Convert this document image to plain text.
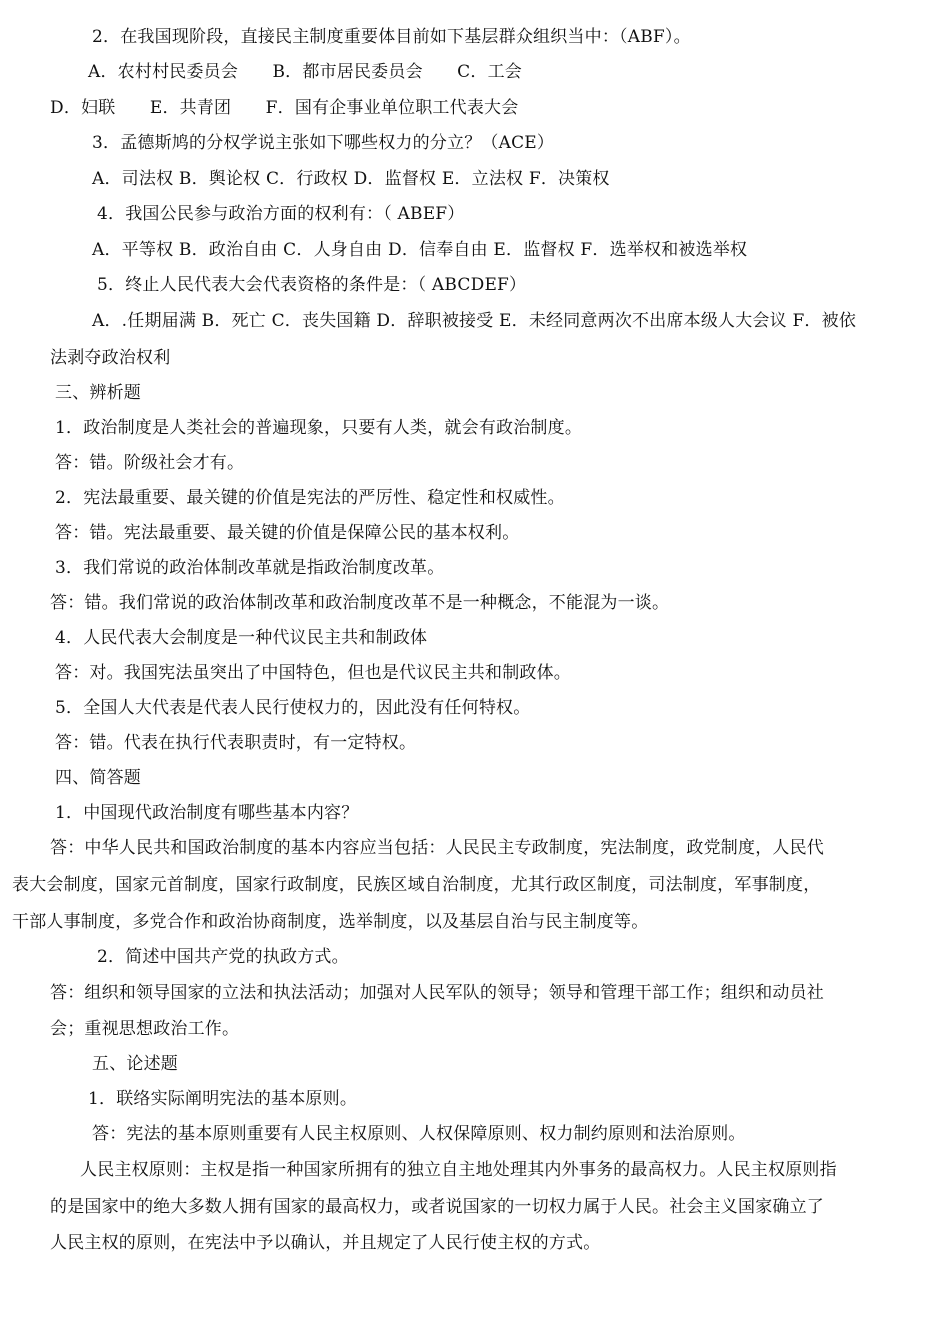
2．在我国现阶段，直接民主制度重要体目前如下基层群众组织当中：（ABF）。
A．农村村民委员会　　B．都市居民委员会　　C．工会
D．妇联　　E．共青团　　F．国有企事业单位职工代表大会
3．孟德斯鸠的分权学说主张如下哪些权力的分立？（ACE）
A．司法权 B．舆论权 C．行政权 D．监督权 E．立法权 F．决策权
4．我国公民参与政治方面的权利有：（ ABEF）
A．平等权 B．政治自由 C．人身自由 D．信奉自由 E．监督权 F．选举权和被选举权
5．终止人民代表大会代表资格的条件是：（ ABCDEF）
A．.任期届满 B．死亡 C．丧失国籍 D．辞职被接受 E．未经同意两次不出席本级人大会议 F．被依
法剥夺政治权利
三、辨析题
1．政治制度是人类社会的普遍现象，只要有人类，就会有政治制度。
答：错。阶级社会才有。
2．宪法最重要、最关键的价值是宪法的严厉性、稳定性和权威性。
答：错。宪法最重要、最关键的价值是保障公民的基本权利。
3．我们常说的政治体制改革就是指政治制度改革。
答：错。我们常说的政治体制改革和政治制度改革不是一种概念，不能混为一谈。
4．人民代表大会制度是一种代议民主共和制政体
答：对。我国宪法虽突出了中国特色，但也是代议民主共和制政体。
5．全国人大代表是代表人民行使权力的，因此没有任何特权。
答：错。代表在执行代表职责时，有一定特权。
四、简答题
1．中国现代政治制度有哪些基本内容？
答：中华人民共和国政治制度的基本内容应当包括：人民民主专政制度，宪法制度，政党制度，人民代
表大会制度，国家元首制度，国家行政制度，民族区域自治制度，尤其行政区制度，司法制度，军事制度，
干部人事制度，多党合作和政治协商制度，选举制度，以及基层自治与民主制度等。
2．简述中国共产党的执政方式。
答：组织和领导国家的立法和执法活动；加强对人民军队的领导；领导和管理干部工作；组织和动员社
会；重视思想政治工作。
五、论述题
1．联络实际阐明宪法的基本原则。
答：宪法的基本原则重要有人民主权原则、人权保障原则、权力制约原则和法治原则。
人民主权原则：主权是指一种国家所拥有的独立自主地处理其内外事务的最高权力。人民主权原则指
的是国家中的绝大多数人拥有国家的最高权力，或者说国家的一切权力属于人民。社会主义国家确立了
人民主权的原则，在宪法中予以确认，并且规定了人民行使主权的方式。
